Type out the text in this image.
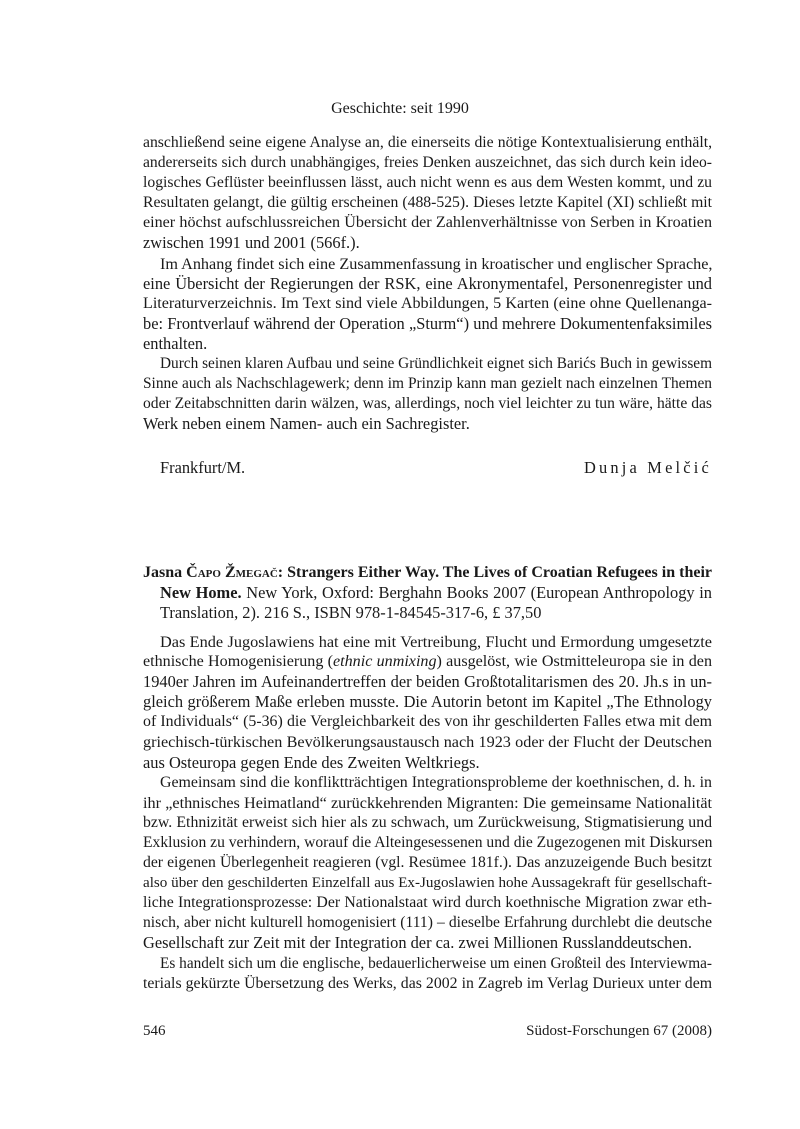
Geschichte: seit 1990
anschließend seine eigene Analyse an, die einerseits die nötige Kontextualisierung enthält,
andererseits sich durch unabhängiges, freies Denken auszeichnet, das sich durch kein ideo-
logisches Geflüster beeinflussen lässt, auch nicht wenn es aus dem Westen kommt, und zu
Resultaten gelangt, die gültig erscheinen (488-525). Dieses letzte Kapitel (XI) schließt mit
einer höchst aufschlussreichen Übersicht der Zahlenverhältnisse von Serben in Kroatien
zwischen 1991 und 2001 (566f.).
Im Anhang findet sich eine Zusammenfassung in kroatischer und englischer Sprache,
eine Übersicht der Regierungen der RSK, eine Akronymentafel, Personenregister und
Literaturverzeichnis. Im Text sind viele Abbildungen, 5 Karten (eine ohne Quellenanga-
be: Frontverlauf während der Operation „Sturm“) und mehrere Dokumentenfaksimiles
enthalten.
Durch seinen klaren Aufbau und seine Gründlichkeit eignet sich Barićs Buch in gewissem
Sinne auch als Nachschlagewerk; denn im Prinzip kann man gezielt nach einzelnen Themen
oder Zeitabschnitten darin wälzen, was, allerdings, noch viel leichter zu tun wäre, hätte das
Werk neben einem Namen- auch ein Sachregister.
Frankfurt/M.	Dunja Melčić
Jasna Čapo Žmegač: Strangers Either Way. The Lives of Croatian Refugees in their
New Home. New York, Oxford: Berghahn Books 2007 (European Anthropology in
Translation, 2). 216 S., ISBN 978-1-84545-317-6, £ 37,50
Das Ende Jugoslawiens hat eine mit Vertreibung, Flucht und Ermordung umgesetzte
ethnische Homogenisierung (ethnic unmixing) ausgelöst, wie Ostmitteleuropa sie in den
1940er Jahren im Aufeinandertreffen der beiden Großtotalitarismen des 20. Jh.s in un-
gleich größerem Maße erleben musste. Die Autorin betont im Kapitel „The Ethnology
of Individuals“ (5-36) die Vergleichbarkeit des von ihr geschilderten Falles etwa mit dem
griechisch-türkischen Bevölkerungsaustausch nach 1923 oder der Flucht der Deutschen
aus Osteuropa gegen Ende des Zweiten Weltkriegs.
Gemeinsam sind die konfliktträchtigen Integrationsprobleme der koethnischen, d. h. in
ihr „ethnisches Heimatland“ zurückkehrenden Migranten: Die gemeinsame Nationalität
bzw. Ethnizität erweist sich hier als zu schwach, um Zurückweisung, Stigmatisierung und
Exklusion zu verhindern, worauf die Alteingesessenen und die Zugezogenen mit Diskursen
der eigenen Überlegenheit reagieren (vgl. Resümee 181f.). Das anzuzeigende Buch besitzt
also über den geschilderten Einzelfall aus Ex-Jugoslawien hohe Aussagekraft für gesellschaft-
liche Integrationsprozesse: Der Nationalstaat wird durch koethnische Migration zwar eth-
nisch, aber nicht kulturell homogenisiert (111) – dieselbe Erfahrung durchlebt die deutsche
Gesellschaft zur Zeit mit der Integration der ca. zwei Millionen Russlanddeutschen.
Es handelt sich um die englische, bedauerlicherweise um einen Großteil des Interviewma-
terials gekürzte Übersetzung des Werks, das 2002 in Zagreb im Verlag Durieux unter dem
546	Südost-Forschungen 67 (2008)
